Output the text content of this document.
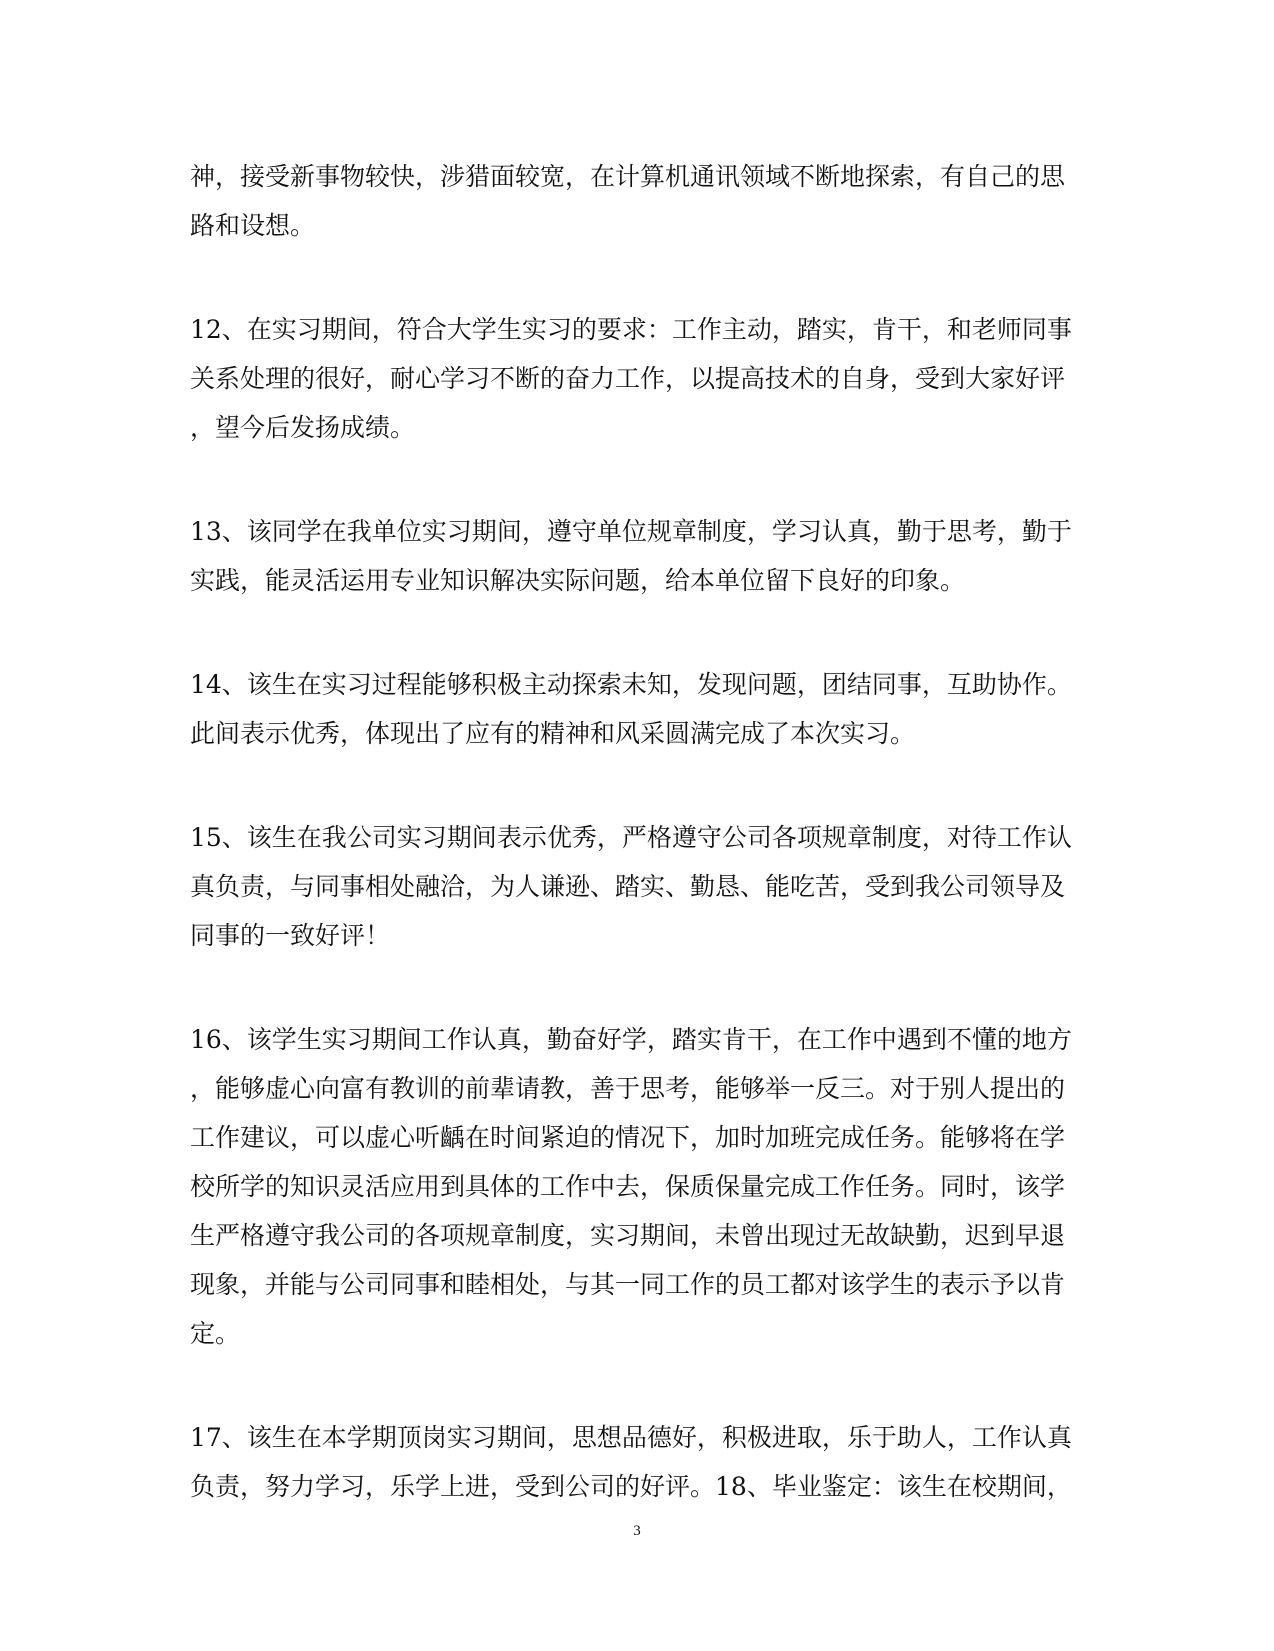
神，接受新事物较快，涉猎面较宽，在计算机通讯领域不断地探索，有自己的思
路和设想。

12、在实习期间，符合大学生实习的要求：工作主动，踏实，肯干，和老师同事
关系处理的很好，耐心学习不断的奋力工作，以提高技术的自身，受到大家好评
，望今后发扬成绩。

13、该同学在我单位实习期间，遵守单位规章制度，学习认真，勤于思考，勤于
实践，能灵活运用专业知识解决实际问题，给本单位留下良好的印象。

14、该生在实习过程能够积极主动探索未知，发现问题，团结同事，互助协作。
此间表示优秀，体现出了应有的精神和风采圆满完成了本次实习。

15、该生在我公司实习期间表示优秀，严格遵守公司各项规章制度，对待工作认
真负责，与同事相处融洽，为人谦逊、踏实、勤恳、能吃苦，受到我公司领导及
同事的一致好评！

16、该学生实习期间工作认真，勤奋好学，踏实肯干，在工作中遇到不懂的地方
，能够虚心向富有教训的前辈请教，善于思考，能够举一反三。对于别人提出的
工作建议，可以虚心听齲在时间紧迫的情况下，加时加班完成任务。能够将在学
校所学的知识灵活应用到具体的工作中去，保质保量完成工作任务。同时，该学
生严格遵守我公司的各项规章制度，实习期间，未曾出现过无故缺勤，迟到早退
现象，并能与公司同事和睦相处，与其一同工作的员工都对该学生的表示予以肯
定。

17、该生在本学期顶岗实习期间，思想品德好，积极进取，乐于助人，工作认真
负责，努力学习，乐学上进，受到公司的好评。18、毕业鉴定：该生在校期间，

3
